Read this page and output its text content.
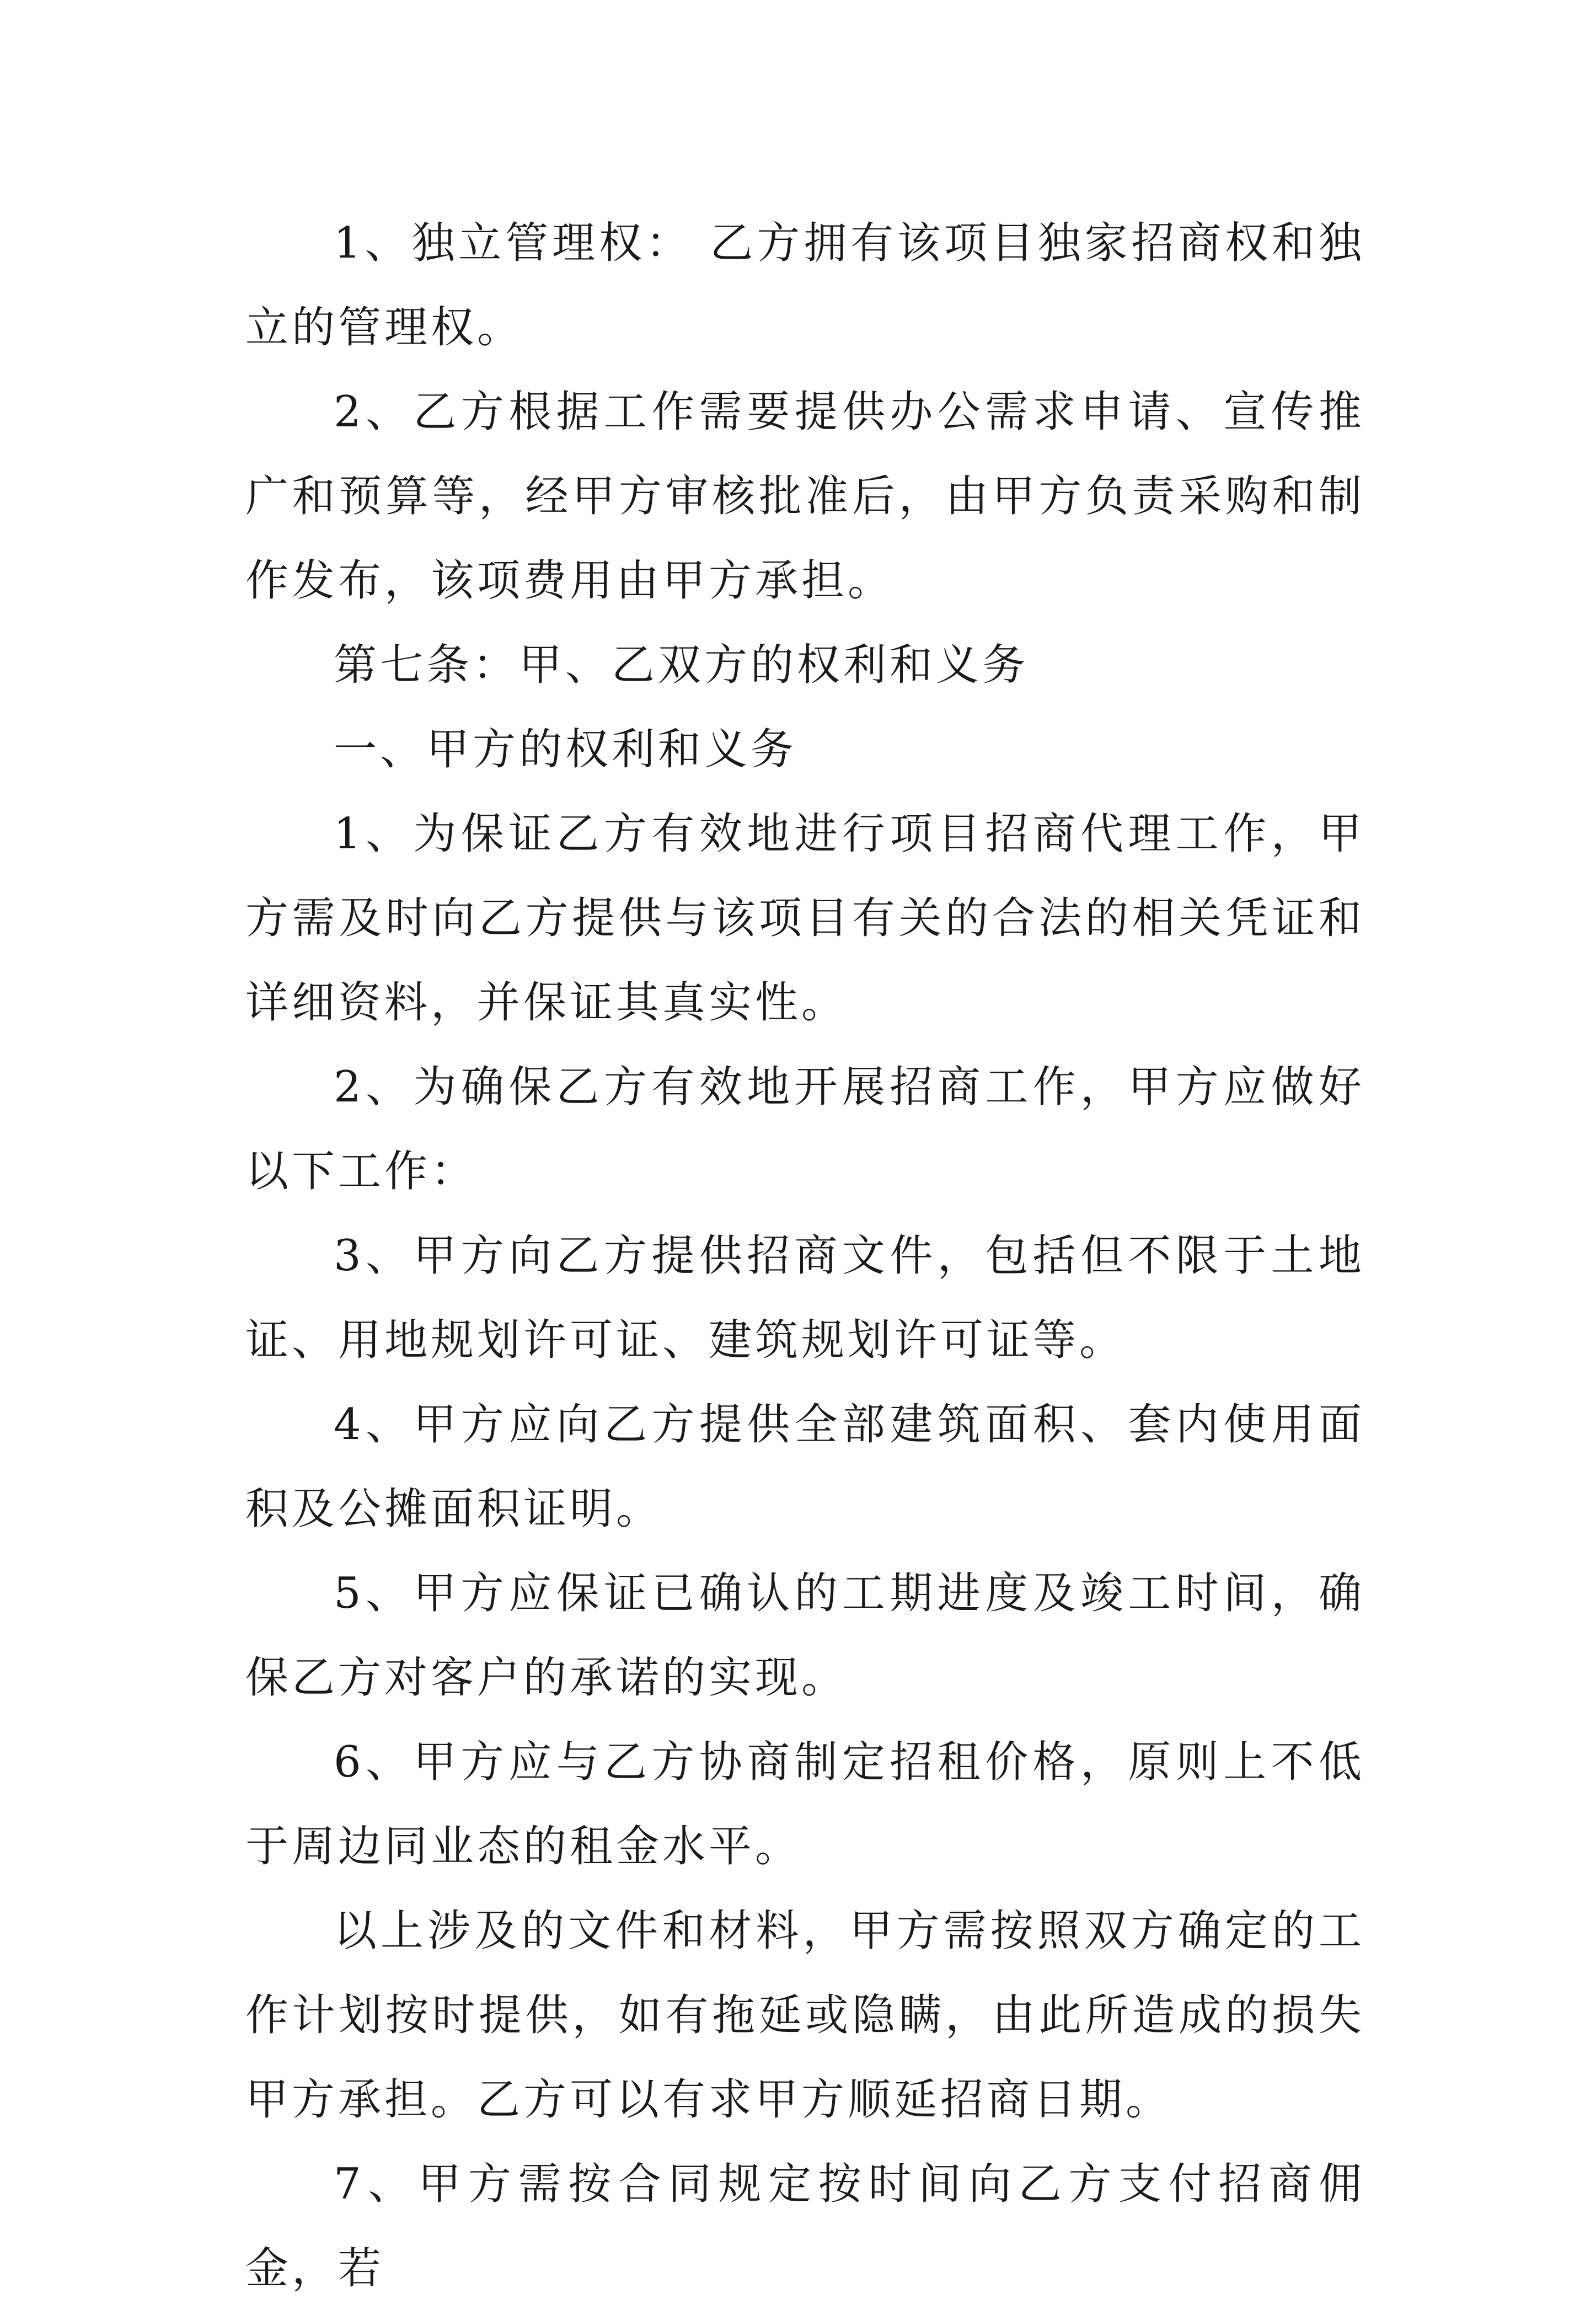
1、独立管理权： 乙方拥有该项目独家招商权和独立的管理权。

2、乙方根据工作需要提供办公需求申请、宣传推广和预算等，经甲方审核批准后，由甲方负责采购和制作发布，该项费用由甲方承担。

第七条：甲、乙双方的权利和义务

一、甲方的权利和义务

1、为保证乙方有效地进行项目招商代理工作，甲方需及时向乙方提供与该项目有关的合法的相关凭证和详细资料，并保证其真实性。

2、为确保乙方有效地开展招商工作，甲方应做好以下工作：

3、甲方向乙方提供招商文件，包括但不限于土地证、用地规划许可证、建筑规划许可证等。

4、甲方应向乙方提供全部建筑面积、套内使用面积及公摊面积证明。

5、甲方应保证已确认的工期进度及竣工时间，确保乙方对客户的承诺的实现。

6、甲方应与乙方协商制定招租价格，原则上不低于周边同业态的租金水平。

以上涉及的文件和材料，甲方需按照双方确定的工作计划按时提供，如有拖延或隐瞒，由此所造成的损失甲方承担。乙方可以有求甲方顺延招商日期。

7、甲方需按合同规定按时间向乙方支付招商佣金，若
